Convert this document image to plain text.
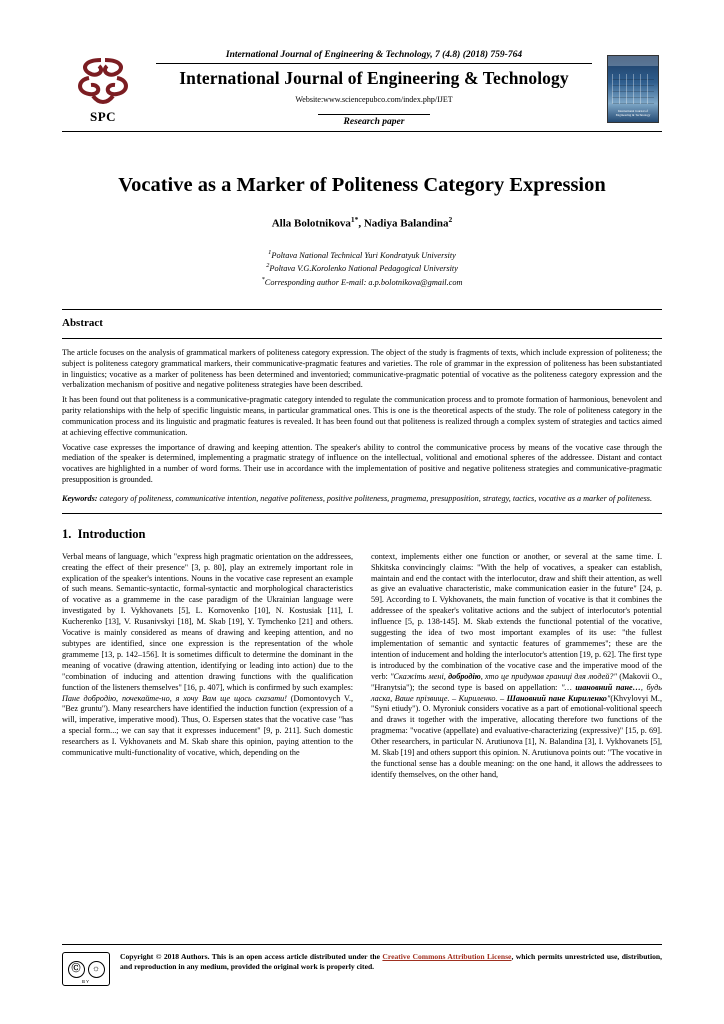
SPC
International Journal of Engineering & Technology, 7 (4.8) (2018) 759-764
International Journal of Engineering & Technology
Website:www.sciencepubco.com/index.php/IJET
Research paper
International Journal of Engineering & Technology
Vocative as a Marker of Politeness Category Expression
Alla Bolotnikova$^{1*}$, Nadiya Balandina$^2$
$^1$Poltava National Technical Yuri Kondratyuk University
$^2$Poltava V.G.Korolenko National Pedagogical University
*Corresponding author E-mail: a.p.bolotnikova@gmail.com
Abstract

The article focuses on the analysis of grammatical markers of politeness category expression. The object of the study is fragments of texts, which include expression of politeness; the subject is politeness category grammatical markers, their communicative-pragmatic features and varieties. The role of grammar in the expression of politeness has been substantiated in linguistics; vocative as a marker of politeness has been determined and inventoried; communicative-pragmatic potential of vocative as the politeness category expression and the verbalization mechanism of positive and negative politeness strategies have been described.

It has been found out that politeness is a communicative-pragmatic category intended to regulate the communication process and to promote formation of harmonious, benevolent and parity relationships with the help of specific linguistic means, in particular grammatical ones. This is one is the theoretical aspects of the study. The role of politeness category in the communication process and its linguistic and pragmatic features is revealed. It has been found out that politeness is realized through a complex system of strategies and tactics aimed at achieving effective communication.

Vocative case expresses the importance of drawing and keeping attention. The speaker's ability to control the communicative process by means of the vocative case through the mediation of the speaker is determined, implementing a pragmatic strategy of influence on the intellectual, volitional and emotional spheres of the addressee. Distant and contact vocatives are highlighted in a number of word forms. Their use in accordance with the implementation of positive and negative politeness strategies and communicative-pragmatic presupposition is grounded.

Keywords: category of politeness, communicative intention, negative politeness, positive politeness, pragmema, presupposition, strategy, tactics, vocative as a marker of politeness.

1. Introduction

Verbal means of language, which "express high pragmatic orientation on the addressees, creating the effect of their presence" [3, p. 80], play an extremely important role in explication of the speaker's intentions. Nouns in the vocative case represent an example of such means. Semantic-syntactic, formal-syntactic and morphological characteristics of vocative as a grammeme in the case paradigm of the Ukrainian language were investigated by I. Vykhovanets [5], L. Kornovenko [10], N. Kostusiak [11], I. Kucherenko [13], V. Rusanivskyi [18], M. Skab [19], Y. Tymchenko [21] and others. Vocative is mainly considered as means of drawing and keeping attention, and no subtypes are identified, since one expression is the representation of the whole grammeme [13, p. 142–156]. It is sometimes difficult to determine the dominant in the meaning of vocative (drawing attention, identifying or leading into action) due to the "combination of inducing and attention drawing functions with the qualification function of the listeners themselves" [16, p. 407], which is confirmed by such examples: Пане добродію, почекайте-но, я хочу Вам ще щось сказати! (Domontovych V., "Bez gruntu"). Many researchers have identified the induction function (expression of a will, imperative, imperative mood). Thus, O. Espersen states that the vocative case "has a special form...; we can say that it expresses inducement" [9, p. 211]. Such domestic researchers as I. Vykhovanets and M. Skab share this opinion, paying attention to the communicative multi-functionality of vocative, which, depending on the

context, implements either one function or another, or several at the same time. I. Shkitska convincingly claims: "With the help of vocatives, a speaker can establish, maintain and end the contact with the interlocutor, draw and shift their attention, as well as give an evaluative characteristic, make communication easier in the future" [24, p. 59]. According to I. Vykhovanets, the main function of vocative is that it combines the addressee of the speaker's volitative actions and the subject of interlocutor's potential influence [5, p. 138-145]. M. Skab extends the functional potential of the vocative, suggesting the idea of two most important examples of its use: "the fullest implementation of semantic and syntactic features of grammemes"; these are the intention of inducement and holding the interlocutor's attention [19, p. 62]. The first type is introduced by the combination of the vocative case and the imperative mood of the verb: "Скажіть мені, добродію, хто це придумав границі для людей?" (Makovii O., "Hranytsia"); the second type is based on appellation: "… шановний пане…, будь ласка, Ваше прізвище. – Кириленко. – Шановний пане Кириленко"(Khvylovyi M., "Syni etiudy"). O. Myroniuk considers vocative as a part of emotional-volitional speech and draws it together with the imperative, allocating therefore two functions of the pragmema: "vocative (appellate) and evaluative-characterizing (expressive)" [15, p. 69]. Other researchers, in particular N. Arutiunova [1], N. Balandina [3], I. Vykhovanets [5], M. Skab [19] and others support this opinion. N. Arutiunova points out: "The vocative in the functional sense has a double meaning: on the one hand, it allows the addressees to identify themselves, on the other hand,

Ⓒ	☼
BY
Copyright © 2018 Authors. This is an open access article distributed under the Creative Commons Attribution License, which permits unrestricted use, distribution, and reproduction in any medium, provided the original work is properly cited.
